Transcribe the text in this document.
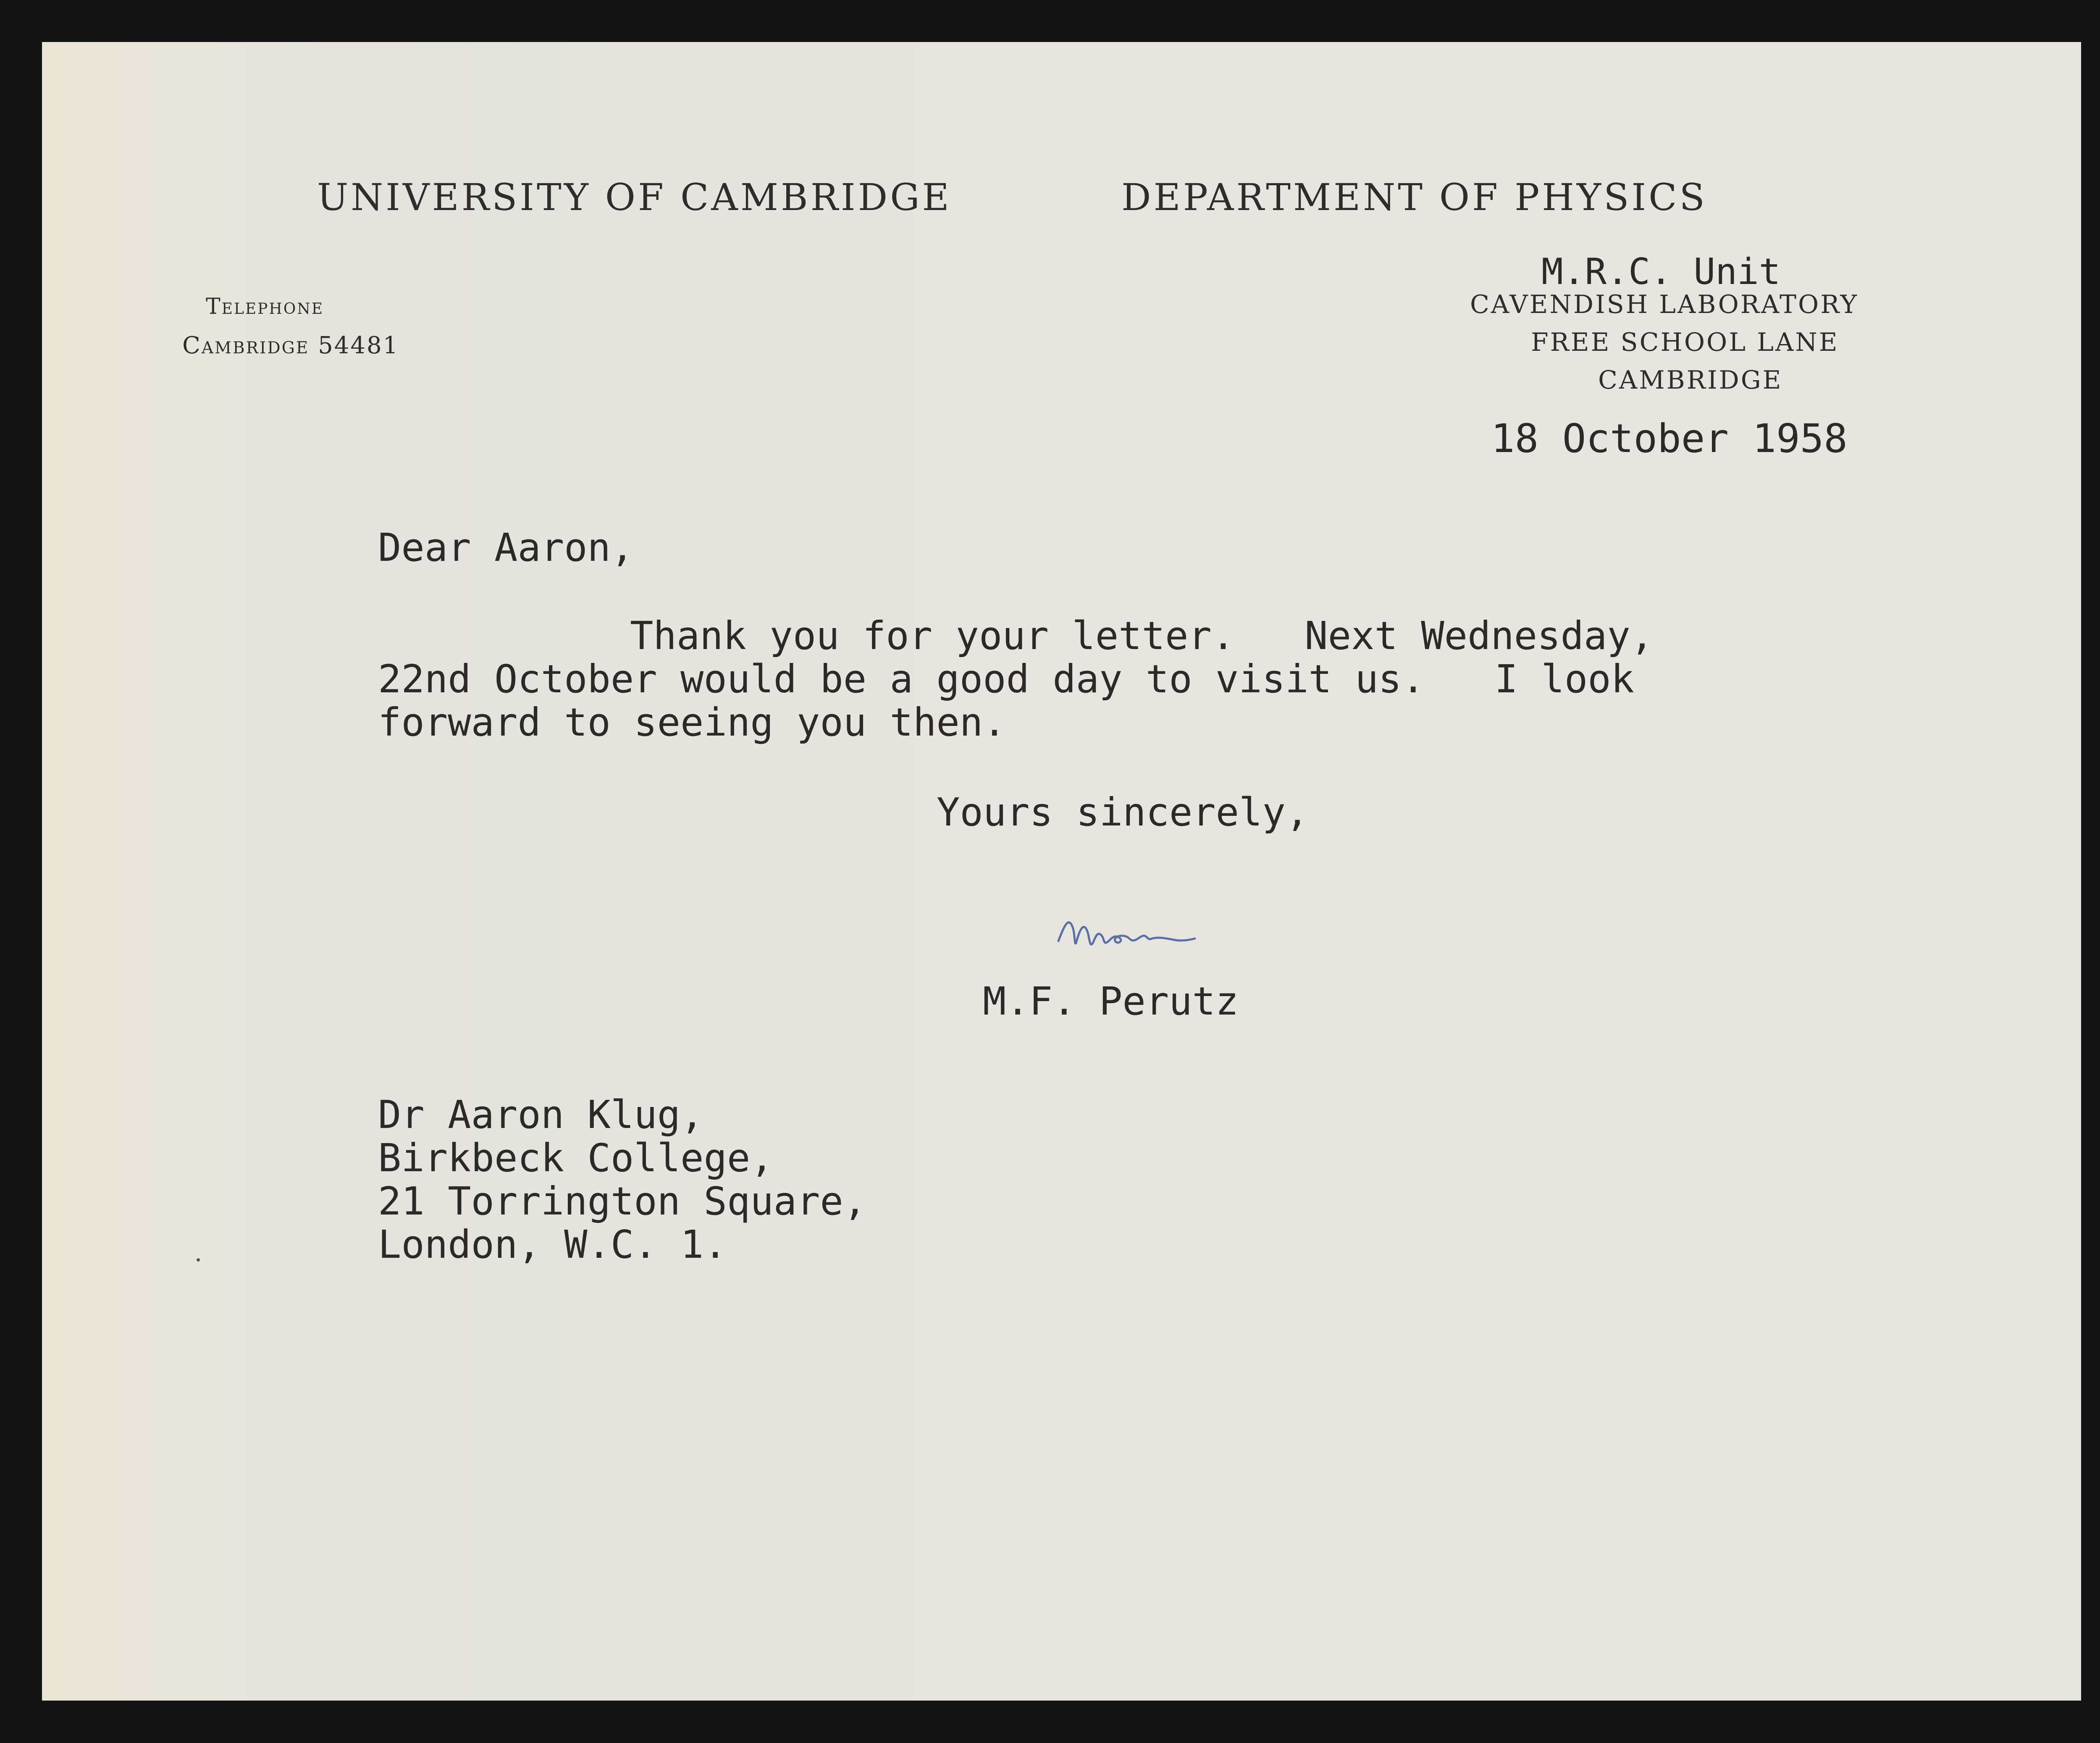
UNIVERSITY OF CAMBRIDGE	DEPARTMENT OF PHYSICS
Telephone
Cambridge 54481
M.R.C. Unit
CAVENDISH LABORATORY
FREE SCHOOL LANE
CAMBRIDGE
18 October 1958
Dear Aaron,
Thank you for your letter.   Next Wednesday,
22nd October would be a good day to visit us.   I look
forward to seeing you then.
Yours sincerely,
M.F. Perutz
Dr Aaron Klug,
Birkbeck College,
21 Torrington Square,
London, W.C. 1.
